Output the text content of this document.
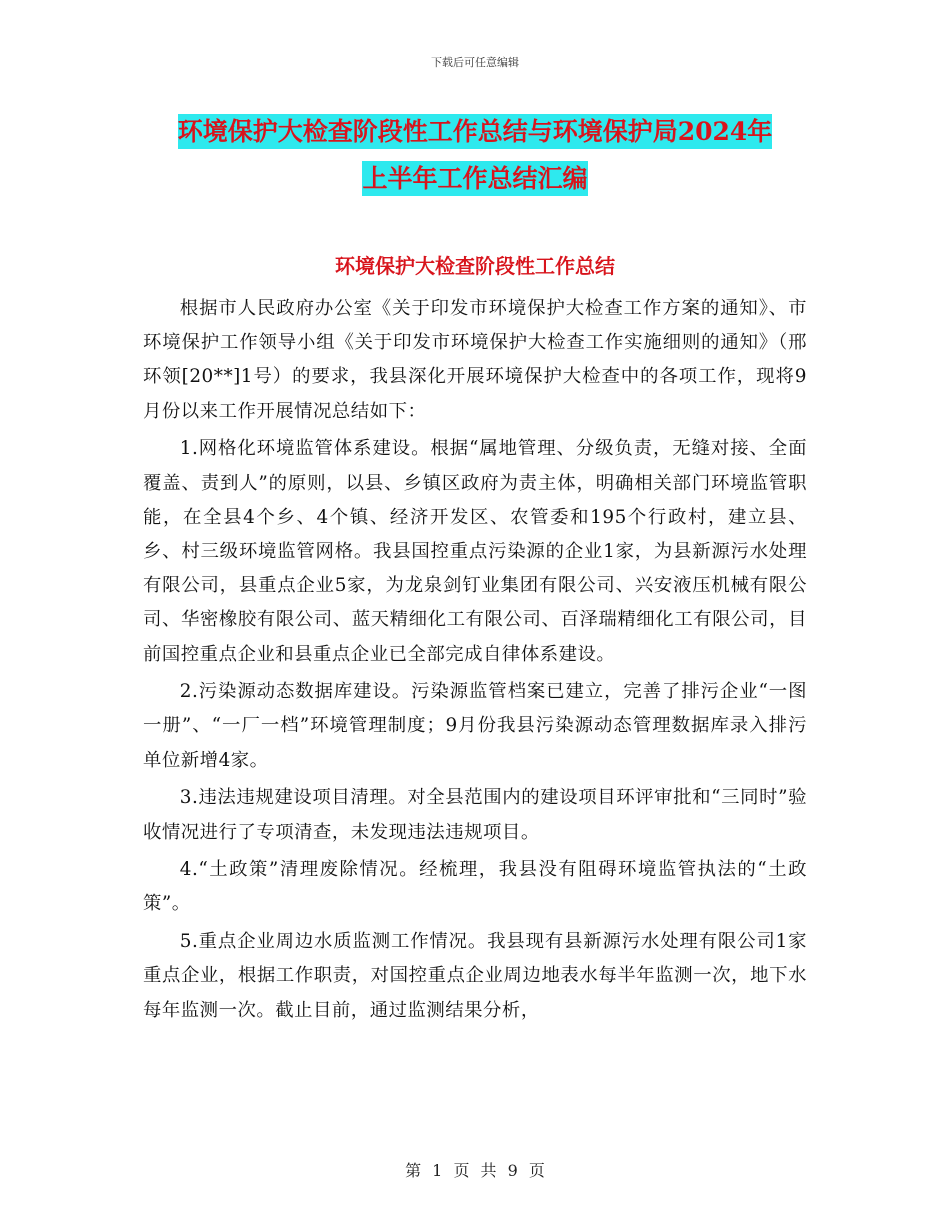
下载后可任意编辑
环境保护大检查阶段性工作总结与环境保护局2024年
上半年工作总结汇编
环境保护大检查阶段性工作总结

根据市人民政府办公室《关于印发市环境保护大检查工作方案的通知》、市环境保护工作领导小组《关于印发市环境保护大检查工作实施细则的通知》（邢环领[20**]1号）的要求，我县深化开展环境保护大检查中的各项工作，现将9月份以来工作开展情况总结如下：

1.网格化环境监管体系建设。根据“属地管理、分级负责，无缝对接、全面覆盖、责到人”的原则，以县、乡镇区政府为责主体，明确相关部门环境监管职能，在全县4个乡、4个镇、经济开发区、农管委和195个行政村，建立县、乡、村三级环境监管网格。我县国控重点污染源的企业1家，为县新源污水处理有限公司，县重点企业5家，为龙泉剑钉业集团有限公司、兴安液压机械有限公司、华密橡胶有限公司、蓝天精细化工有限公司、百泽瑞精细化工有限公司，目前国控重点企业和县重点企业已全部完成自律体系建设。

2.污染源动态数据库建设。污染源监管档案已建立，完善了排污企业“一图一册”、“一厂一档”环境管理制度；9月份我县污染源动态管理数据库录入排污单位新增4家。

3.违法违规建设项目清理。对全县范围内的建设项目环评审批和“三同时”验收情况进行了专项清查，未发现违法违规项目。

4.“土政策”清理废除情况。经梳理，我县没有阻碍环境监管执法的“土政策”。

5.重点企业周边水质监测工作情况。我县现有县新源污水处理有限公司1家重点企业，根据工作职责，对国控重点企业周边地表水每半年监测一次，地下水每年监测一次。截止目前，通过监测结果分析，

第 1 页 共 9 页
